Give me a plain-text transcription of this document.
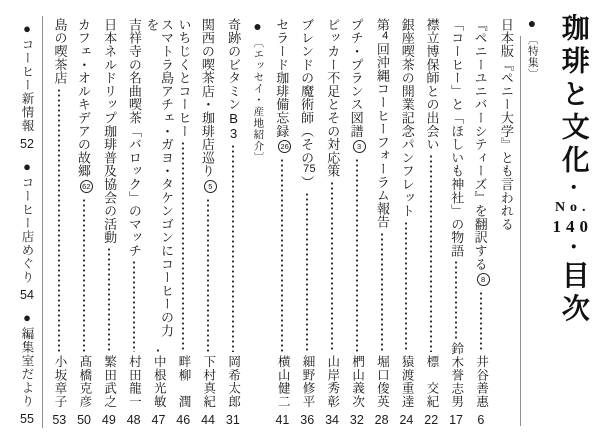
珈琲と文化・No.140・目次
●
〔特集〕
日本版『ペニー大学』とも言われる
『ペニーユニバーシティーズ』を翻訳する8
井谷善惠
6
「コーヒー」と「ほしいも神社」の物語
鈴木誉志男
17
襟立博保師との出会い
標　交紀
22
銀座喫茶の開業記念パンフレット
猿渡重達
24
第4回沖縄コーヒーフォーラム報告
堀口俊英
28
プチ・プランス図譜3
椚山義次
32
ピッカー不足とその対応策
山岸秀彰
34
ブレンドの魔術師（その75）
細野修平
36
セラード珈琲備忘録26
横山健二
41
●
〔エッセイ・産地紹介〕
奇跡のビタミンB3
岡希太郎
31
関西の喫茶店・珈琲店巡り5
下村真紀
44
いちじくとコーヒー
畔柳　潤
46
スマトラ島アチェ・ガヨ・タケンゴンにコーヒーの力を
中根光敏
47
吉祥寺の名曲喫茶「バロック」のマッチ
村田龍一
48
日本ネルドリップ珈琲普及協会の活動
繁田武之
49
カフェ・オルキデアの故郷62
髙橋克彦
50
島の喫茶店
小坂章子
53
●
コーヒー新情報
52
●
コーヒー店めぐり
54
●
編集室だより
55
